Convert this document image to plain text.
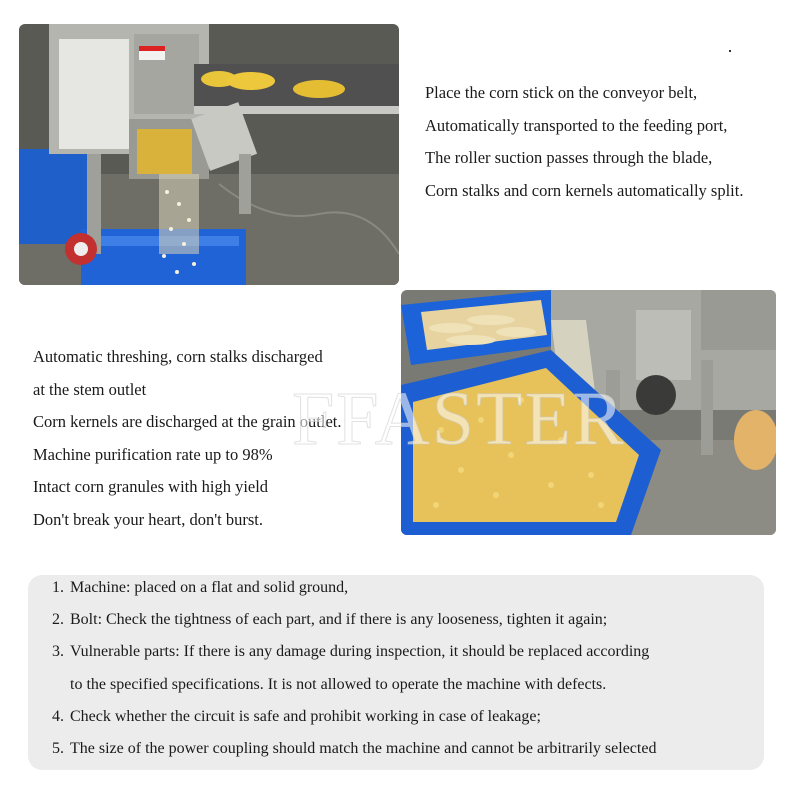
Place the corn stick on the conveyor belt,
Automatically transported to the feeding port,
The roller suction passes through the blade,
Corn stalks and corn kernels automatically split.
Automatic threshing, corn stalks discharged
at the stem outlet
Corn kernels are discharged at the grain outlet.
Machine purification rate up to 98%
Intact corn granules with high yield
Don't break your heart, don't burst.
FFASTER
1. Machine: placed on a flat and solid ground,
2. Bolt: Check the tightness of each part, and if there is any looseness, tighten it again;
3. Vulnerable parts: If there is any damage during inspection, it should be replaced according
to the specified specifications. It is not allowed to operate the machine with defects.
4. Check whether the circuit is safe and prohibit working in case of leakage;
5. The size of the power coupling should match the machine and cannot be arbitrarily selected
